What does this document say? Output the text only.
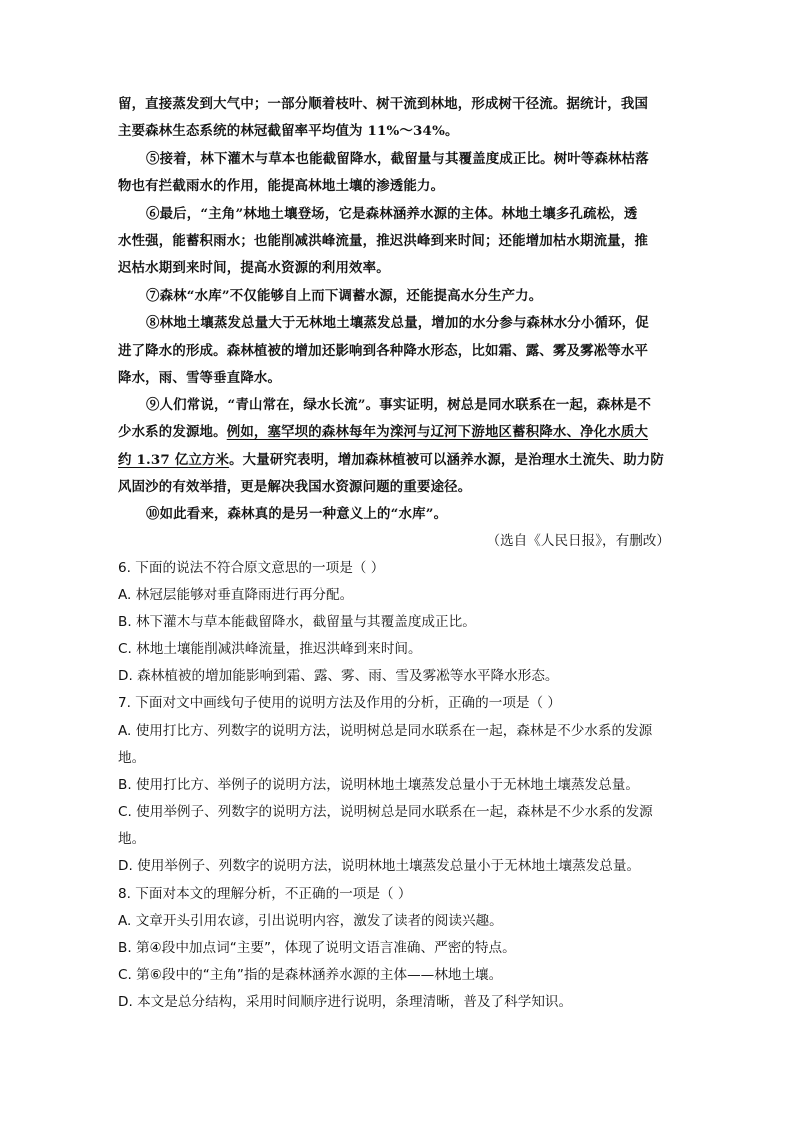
留，直接蒸发到大气中；一部分顺着枝叶、树干流到林地，形成树干径流。据统计，我国
主要森林生态系统的林冠截留率平均值为 11%～34%。
⑤接着，林下灌木与草本也能截留降水，截留量与其覆盖度成正比。树叶等森林枯落
物也有拦截雨水的作用，能提高林地土壤的渗透能力。
⑥最后，“主角”林地土壤登场，它是森林涵养水源的主体。林地土壤多孔疏松，透
水性强，能蓄积雨水；也能削减洪峰流量，推迟洪峰到来时间；还能增加枯水期流量，推
迟枯水期到来时间，提高水资源的利用效率。
⑦森林“水库”不仅能够自上而下调蓄水源，还能提高水分生产力。
⑧林地土壤蒸发总量大于无林地土壤蒸发总量，增加的水分参与森林水分小循环，促
进了降水的形成。森林植被的增加还影响到各种降水形态，比如霜、露、雾及雾凇等水平
降水，雨、雪等垂直降水。
⑨人们常说，“青山常在，绿水长流”。事实证明，树总是同水联系在一起，森林是不
少水系的发源地。例如，塞罕坝的森林每年为滦河与辽河下游地区蓄积降水、净化水质大
约 1.37 亿立方米。大量研究表明，增加森林植被可以涵养水源，是治理水土流失、助力防
风固沙的有效举措，更是解决我国水资源问题的重要途径。
⑩如此看来，森林真的是另一种意义上的“水库”。
（选自《人民日报》，有删改）
6. 下面的说法不符合原文意思的一项是（ ）
A. 林冠层能够对垂直降雨进行再分配。
B. 林下灌木与草本能截留降水，截留量与其覆盖度成正比。
C. 林地土壤能削减洪峰流量，推迟洪峰到来时间。
D. 森林植被的增加能影响到霜、露、雾、雨、雪及雾凇等水平降水形态。
7. 下面对文中画线句子使用的说明方法及作用的分析，正确的一项是（ ）
A. 使用打比方、列数字的说明方法，说明树总是同水联系在一起，森林是不少水系的发源
地。
B. 使用打比方、举例子的说明方法，说明林地土壤蒸发总量小于无林地土壤蒸发总量。
C. 使用举例子、列数字的说明方法，说明树总是同水联系在一起，森林是不少水系的发源
地。
D. 使用举例子、列数字的说明方法，说明林地土壤蒸发总量小于无林地土壤蒸发总量。
8. 下面对本文的理解分析，不正确的一项是（ ）
A. 文章开头引用农谚，引出说明内容，激发了读者的阅读兴趣。
B. 第④段中加点词“主要”，体现了说明文语言准确、严密的特点。
C. 第⑥段中的“主角”指的是森林涵养水源的主体——林地土壤。
D. 本文是总分结构，采用时间顺序进行说明，条理清晰，普及了科学知识。
